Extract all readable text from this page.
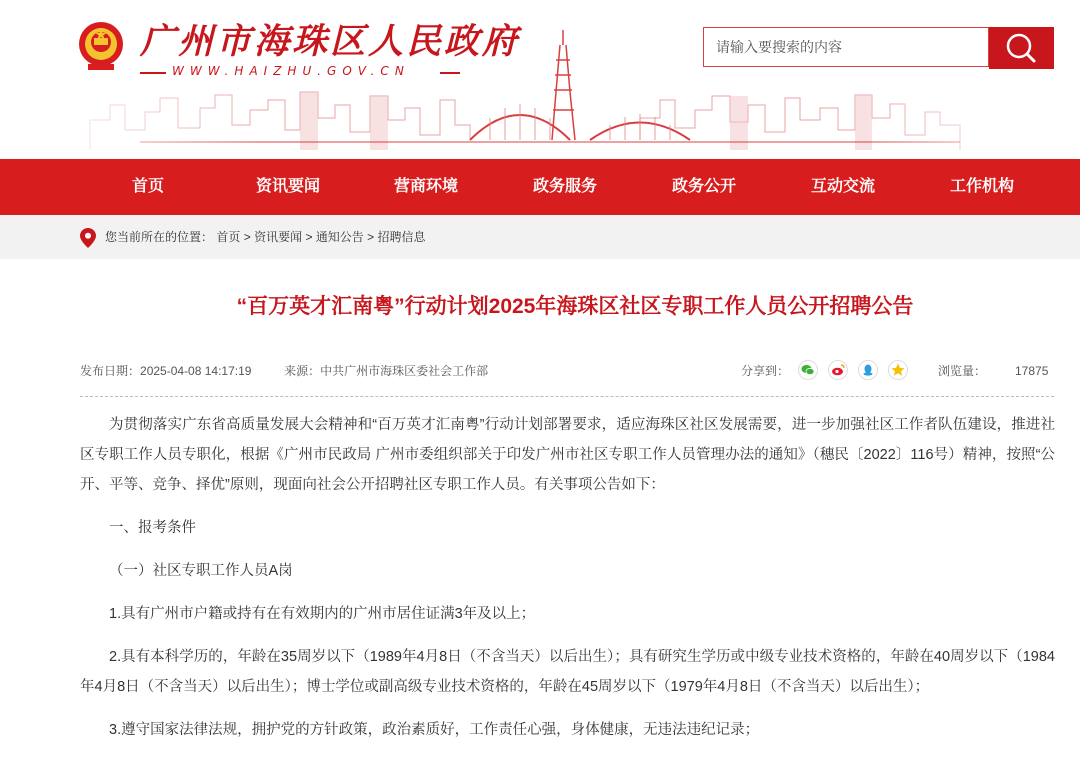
广州市海珠区人民政府
WWW.HAIZHU.GOV.CN
请输入要搜索的内容
首页	资讯要闻	营商环境	政务服务	政务公开	互动交流	工作机构
您当前所在的位置： 首页 > 资讯要闻 > 通知公告 > 招聘信息
“百万英才汇南粤”行动计划2025年海珠区社区专职工作人员公开招聘公告
发布日期：2025-04-08 14:17:19	来源：中共广州市海珠区委社会工作部	分享到：	浏览量： 17875

为贯彻落实广东省高质量发展大会精神和“百万英才汇南粤”行动计划部署要求，适应海珠区社区发展需要，进一步加强社区工作者队伍建设，推进社区专职工作人员专职化，根据《广州市民政局 广州市委组织部关于印发广州市社区专职工作人员管理办法的通知》（穗民〔2022〕116号）精神，按照“公开、平等、竞争、择优”原则，现面向社会公开招聘社区专职工作人员。有关事项公告如下：

一、报考条件

（一）社区专职工作人员A岗

1.具有广州市户籍或持有在有效期内的广州市居住证满3年及以上；

2.具有本科学历的，年龄在35周岁以下（1989年4月8日（不含当天）以后出生）；具有研究生学历或中级专业技术资格的，年龄在40周岁以下（1984年4月8日（不含当天）以后出生）；博士学位或副高级专业技术资格的，年龄在45周岁以下（1979年4月8日（不含当天）以后出生）；

3.遵守国家法律法规，拥护党的方针政策，政治素质好，工作责任心强，身体健康，无违法违纪记录；
